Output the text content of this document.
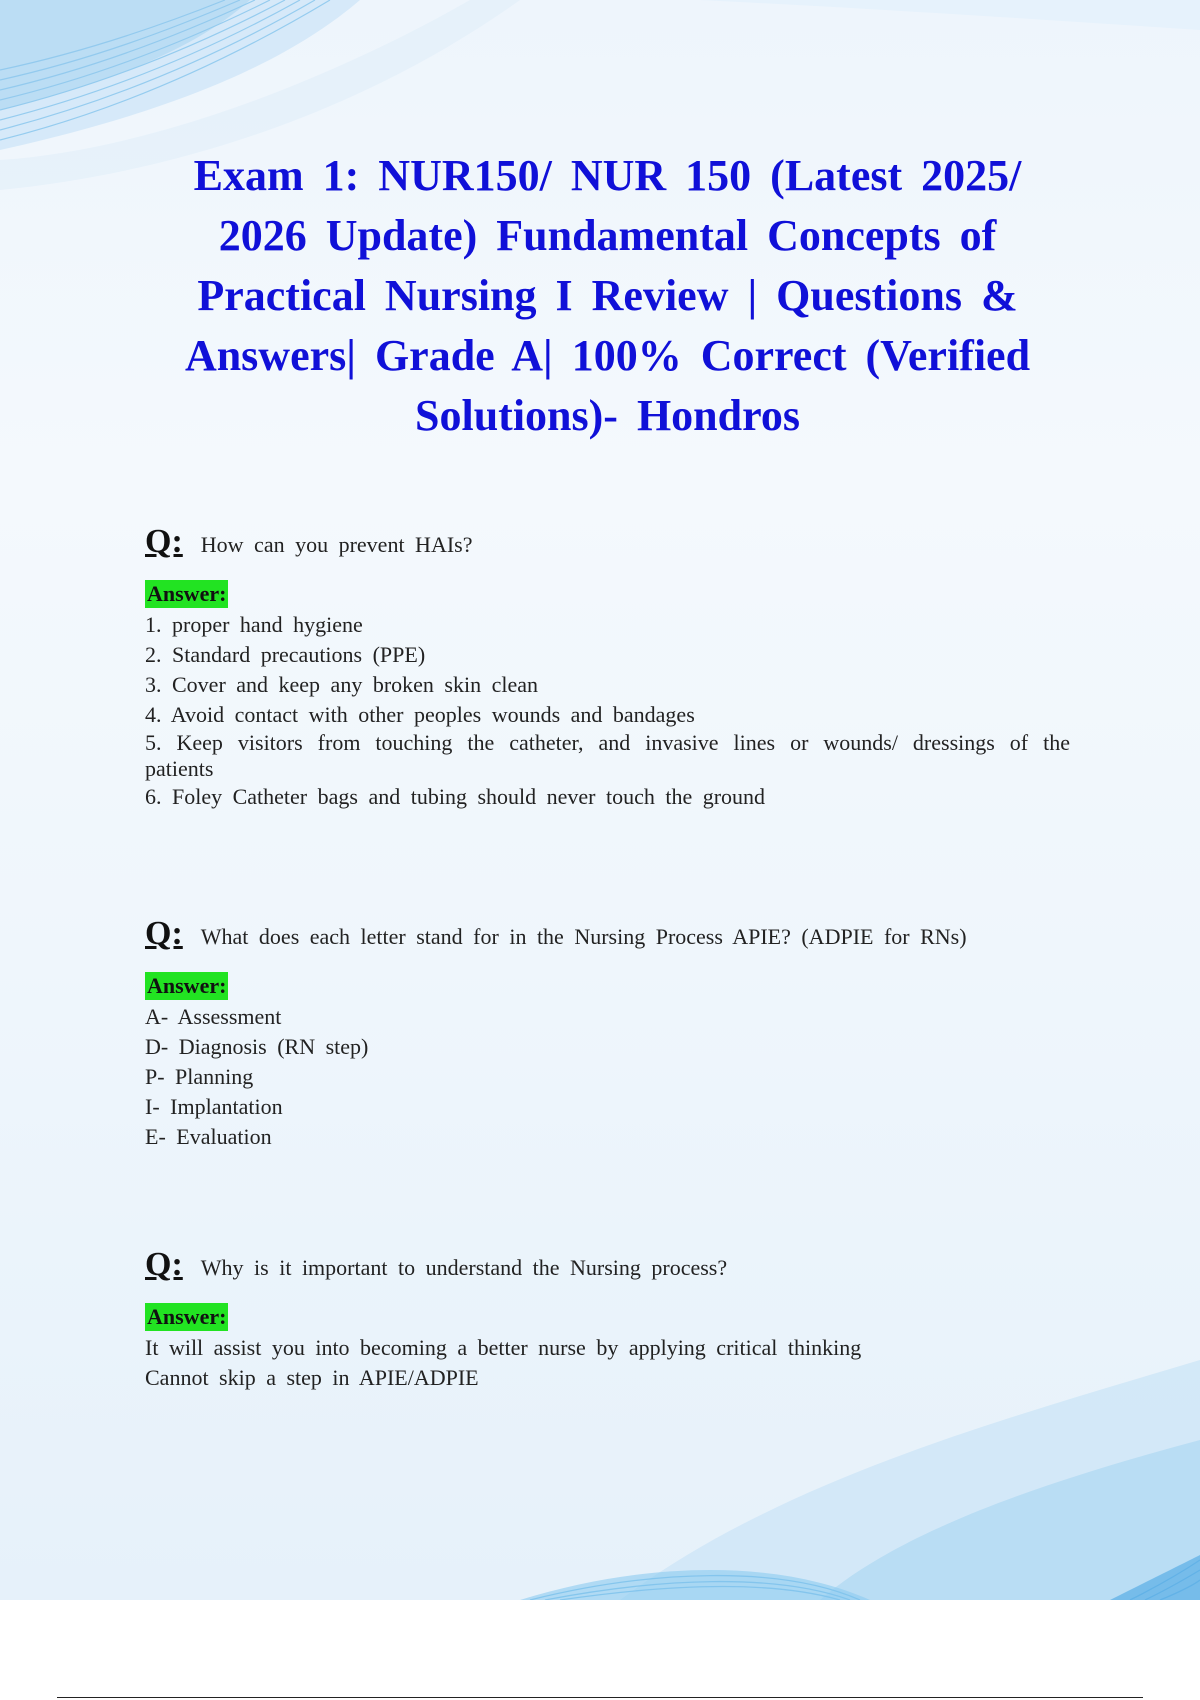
Exam 1: NUR150/ NUR 150 (Latest 2025/ 2026 Update) Fundamental Concepts of Practical Nursing I Review | Questions & Answers| Grade A| 100% Correct (Verified Solutions)- Hondros
Q: How can you prevent HAIs?
Answer:
1. proper hand hygiene
2. Standard precautions (PPE)
3. Cover and keep any broken skin clean
4. Avoid contact with other peoples wounds and bandages
5. Keep visitors from touching the catheter, and invasive lines or wounds/ dressings of the patients
6. Foley Catheter bags and tubing should never touch the ground
Q: What does each letter stand for in the Nursing Process APIE? (ADPIE for RNs)
Answer:
A- Assessment
D- Diagnosis (RN step)
P- Planning
I- Implantation
E- Evaluation
Q: Why is it important to understand the Nursing process?
Answer:
It will assist you into becoming a better nurse by applying critical thinking
Cannot skip a step in APIE/ADPIE
